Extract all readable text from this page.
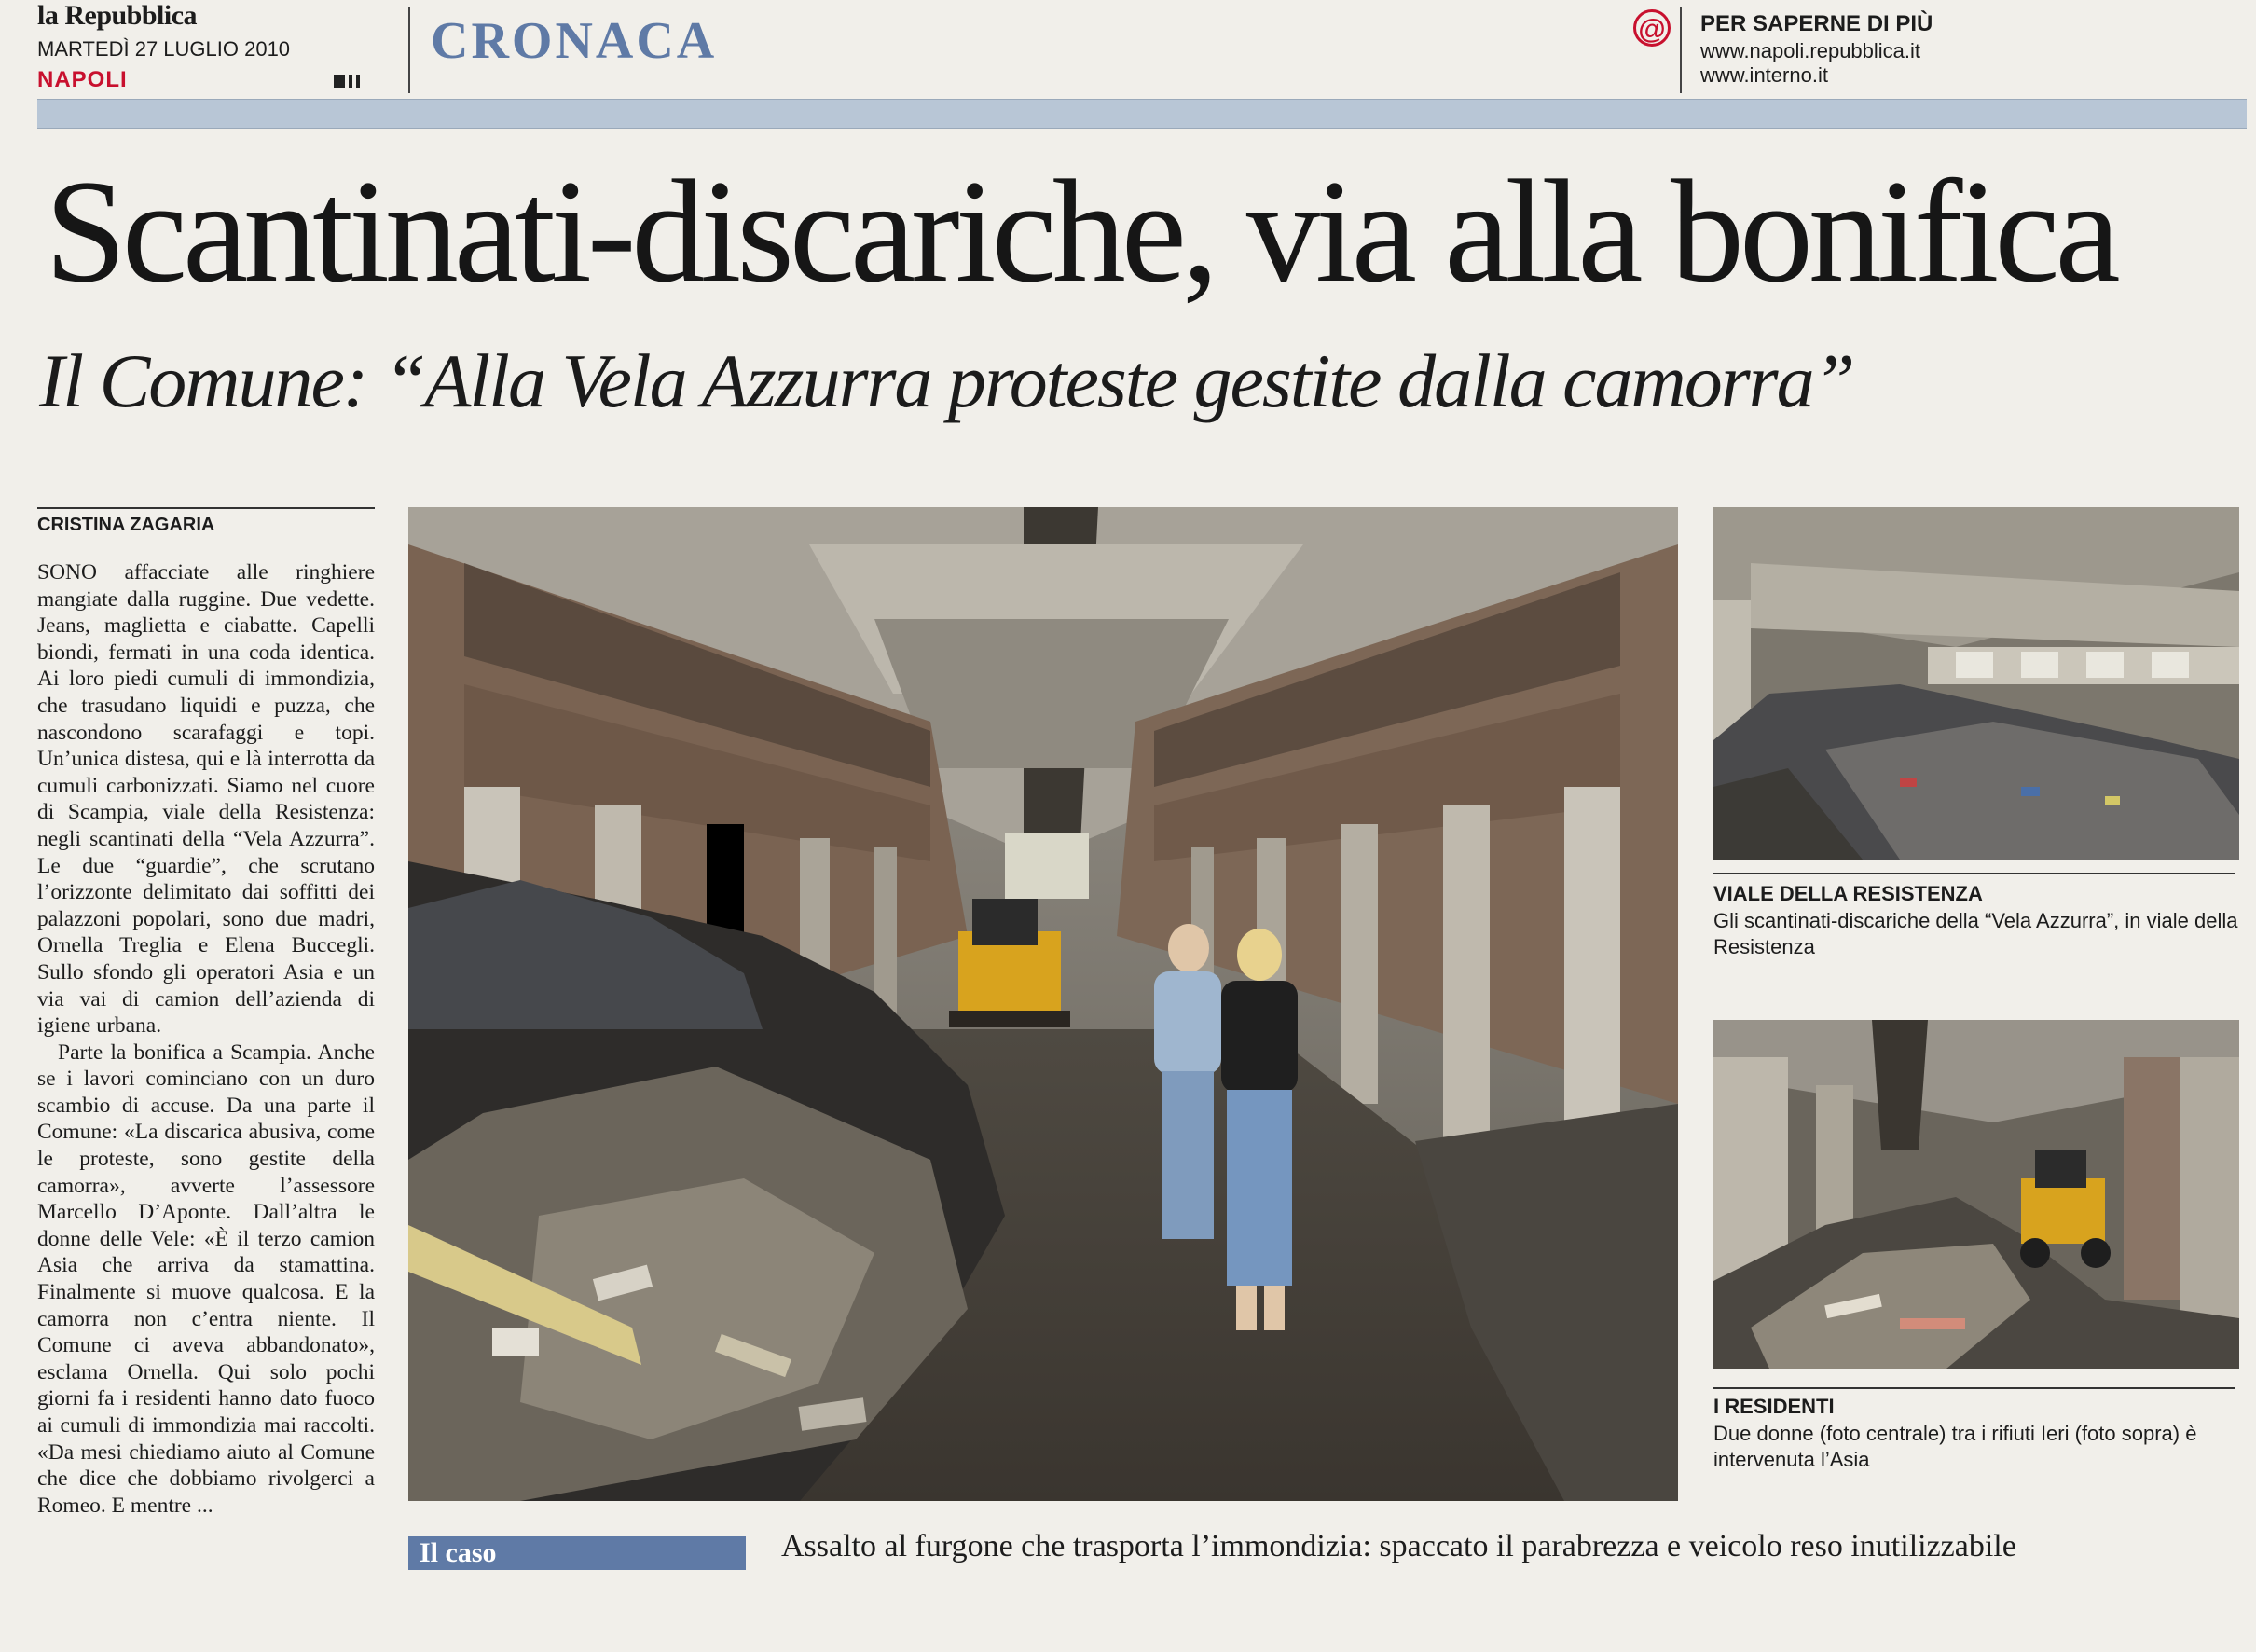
la Repubblica
MARTEDÌ 27 LUGLIO 2010
NAPOLI
CRONACA	@ PER SAPERNE DI PIÙ
www.napoli.repubblica.it
www.interno.it
Scantinati-discariche, via alla bonifica
Il Comune: “Alla Vela Azzurra proteste gestite dalla camorra”
CRISTINA ZAGARIA

SONO affacciate alle ringhiere mangiate dalla ruggine. Due vedette. Jeans, maglietta e ciabatte. Capelli biondi, fermati in una coda identica. Ai loro piedi cumuli di immondizia, che trasudano liquidi e puzza, che nascondono scarafaggi e topi. Un’unica distesa, qui e là interrotta da cumuli carbonizzati. Siamo nel cuore di Scampia, viale della Resistenza: negli scantinati della “Vela Azzurra”. Le due “guardie”, che scrutano l’orizzonte delimitato dai soffitti dei palazzoni popolari, sono due madri, Ornella Treglia e Elena Buccegli. Sullo sfondo gli operatori Asia e un via vai di camion dell’azienda di igiene urbana.

Parte la bonifica a Scampia. Anche se i lavori cominciano con un duro scambio di accuse. Da una parte il Comune: «La discarica abusiva, come le proteste, sono gestite della camorra», avverte l’assessore Marcello D’Aponte. Dall’altra le donne delle Vele: «È il terzo camion Asia che arriva da stamattina. Finalmente si muove qualcosa. E la camorra non c’entra niente. Il Comune ci aveva abbandonato», esclama Ornella. Qui solo pochi giorni fa i residenti hanno dato fuoco ai cumuli di immondizia mai raccolti. «Da mesi chiediamo aiuto al Comune che dice che dobbiamo rivolgerci a Romeo. E mentre ...

VIALE DELLA RESISTENZA
Gli scantinati-discariche della “Vela Azzurra”, in viale della Resistenza
I RESIDENTI
Due donne (foto centrale) tra i rifiuti Ieri (foto sopra) è intervenuta l’Asia
Il caso	Assalto al furgone che trasporta l’immondizia: spaccato il parabrezza e veicolo reso inutilizzabile
